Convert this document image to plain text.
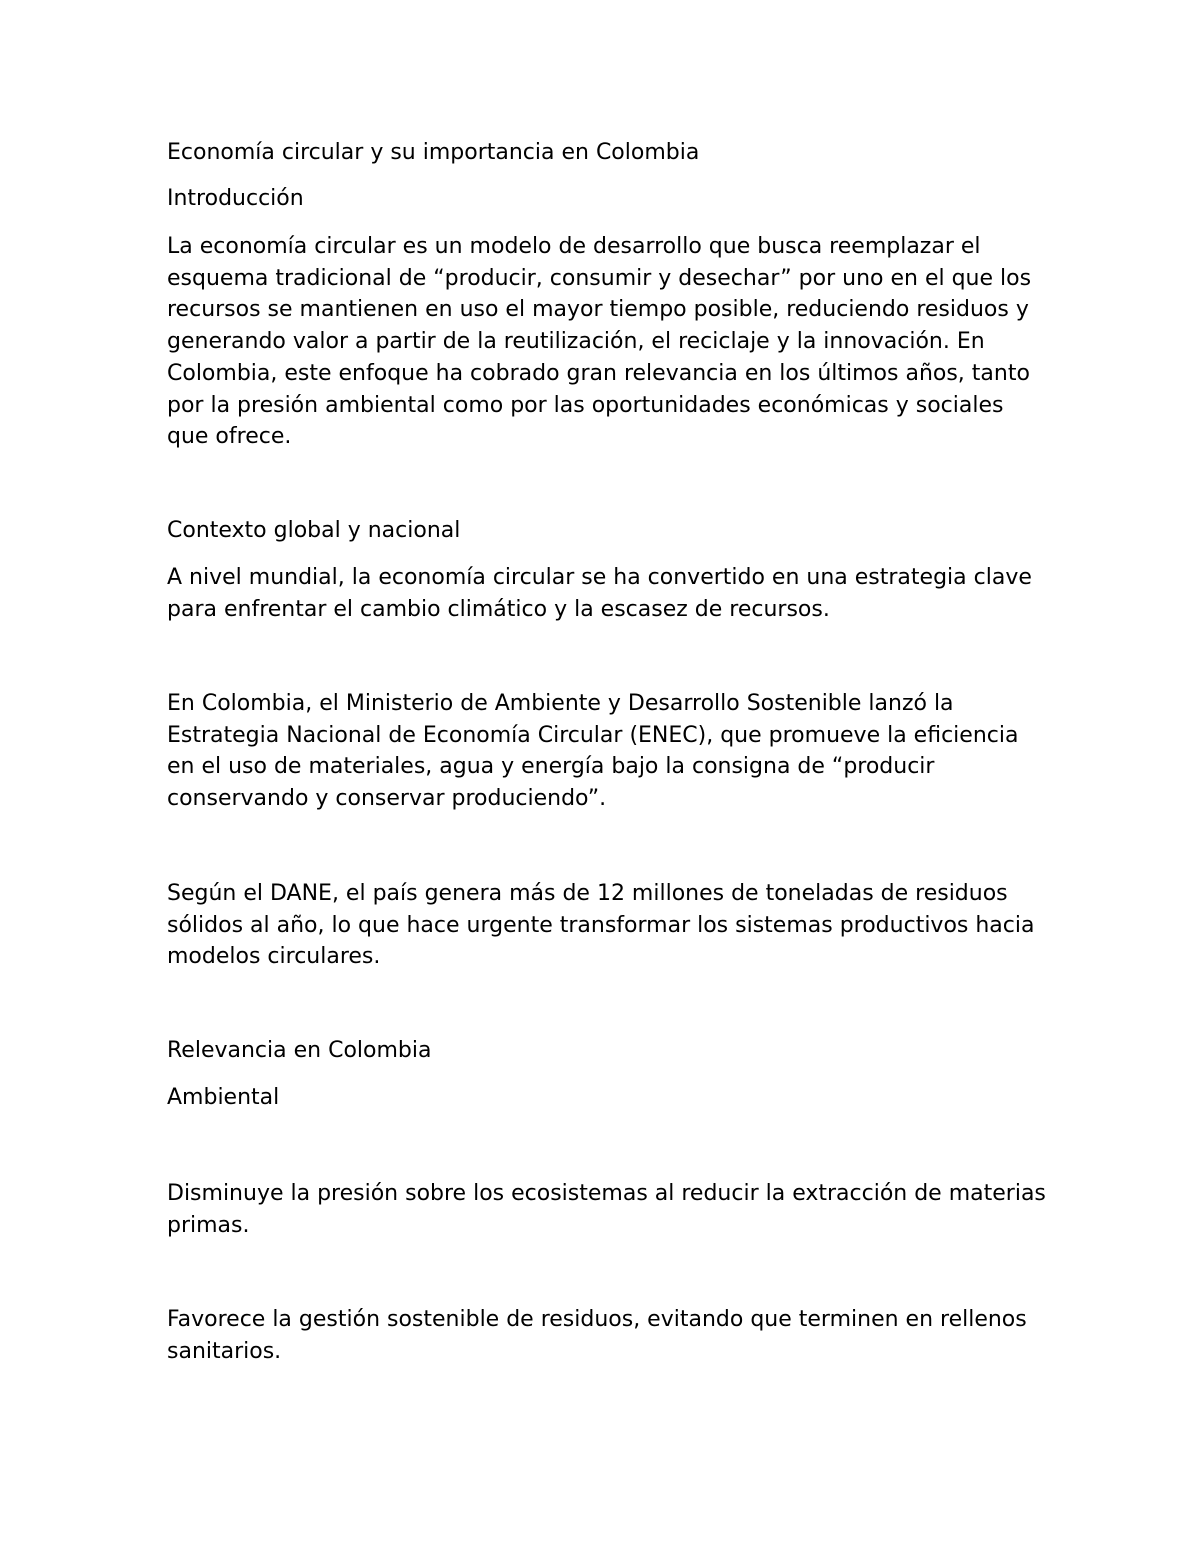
Economía circular y su importancia en Colombia

Introducción

La economía circular es un modelo de desarrollo que busca reemplazar el esquema tradicional de “producir, consumir y desechar” por uno en el que los recursos se mantienen en uso el mayor tiempo posible, reduciendo residuos y generando valor a partir de la reutilización, el reciclaje y la innovación. En Colombia, este enfoque ha cobrado gran relevancia en los últimos años, tanto por la presión ambiental como por las oportunidades económicas y sociales que ofrece.

Contexto global y nacional

A nivel mundial, la economía circular se ha convertido en una estrategia clave para enfrentar el cambio climático y la escasez de recursos.

En Colombia, el Ministerio de Ambiente y Desarrollo Sostenible lanzó la Estrategia Nacional de Economía Circular (ENEC), que promueve la eficiencia en el uso de materiales, agua y energía bajo la consigna de “producir conservando y conservar produciendo”.

Según el DANE, el país genera más de 12 millones de toneladas de residuos sólidos al año, lo que hace urgente transformar los sistemas productivos hacia modelos circulares.

Relevancia en Colombia

Ambiental

Disminuye la presión sobre los ecosistemas al reducir la extracción de materias primas.

Favorece la gestión sostenible de residuos, evitando que terminen en rellenos sanitarios.
